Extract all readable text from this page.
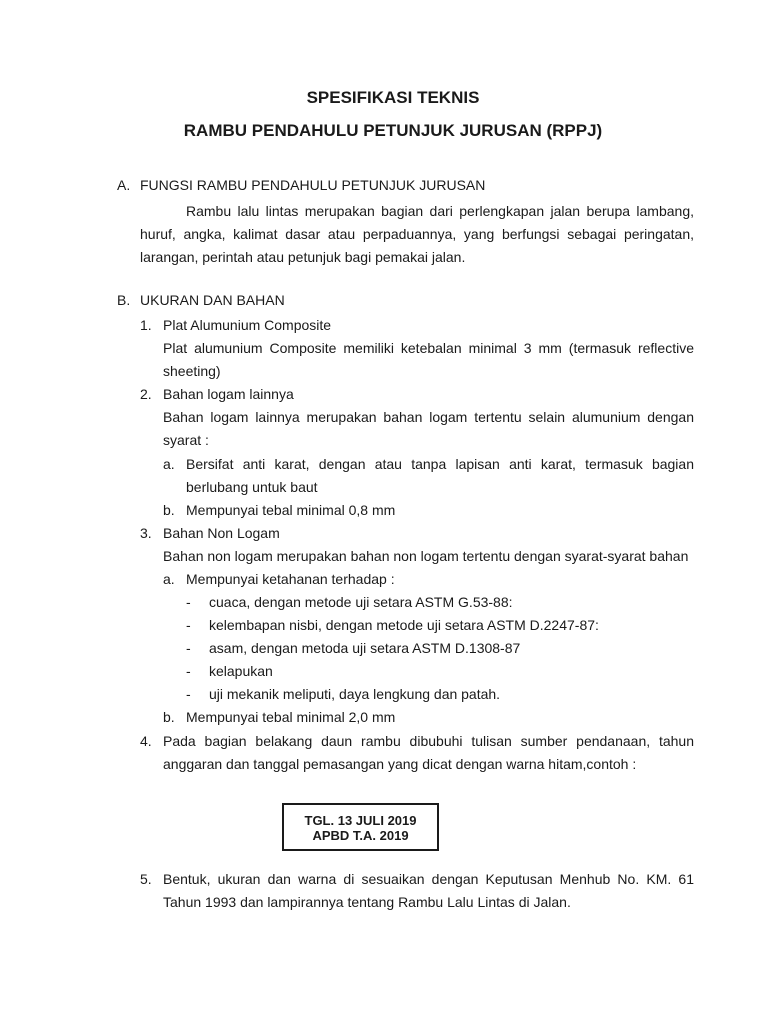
SPESIFIKASI TEKNIS
RAMBU PENDAHULU PETUNJUK JURUSAN (RPPJ)
A. FUNGSI RAMBU PENDAHULU PETUNJUK JURUSAN
Rambu lalu lintas merupakan bagian dari perlengkapan jalan berupa lambang,
huruf, angka, kalimat dasar atau perpaduannya, yang berfungsi sebagai peringatan,
larangan, perintah atau petunjuk bagi pemakai jalan.
B. UKURAN DAN BAHAN
1. Plat Alumunium Composite
Plat alumunium Composite memiliki ketebalan minimal 3 mm (termasuk reflective
sheeting)
2. Bahan logam lainnya
Bahan logam lainnya merupakan bahan logam tertentu selain alumunium dengan
syarat :
a. Bersifat anti karat, dengan atau tanpa lapisan anti karat, termasuk bagian
berlubang untuk baut
b. Mempunyai tebal minimal 0,8 mm
3. Bahan Non Logam
Bahan non logam merupakan bahan non logam tertentu dengan syarat-syarat bahan
a. Mempunyai ketahanan terhadap :
- cuaca, dengan metode uji setara ASTM G.53-88:
- kelembapan nisbi, dengan metode uji setara ASTM D.2247-87:
- asam, dengan metoda uji setara ASTM D.1308-87
- kelapukan
- uji mekanik meliputi, daya lengkung dan patah.
b. Mempunyai tebal minimal 2,0 mm
4. Pada bagian belakang daun rambu dibubuhi tulisan sumber pendanaan, tahun
anggaran dan tanggal pemasangan yang dicat dengan warna hitam,contoh :
TGL. 13 JULI 2019
APBD T.A. 2019
5. Bentuk, ukuran dan warna di sesuaikan dengan Keputusan Menhub No. KM. 61
Tahun 1993 dan lampirannya tentang Rambu Lalu Lintas di Jalan.
